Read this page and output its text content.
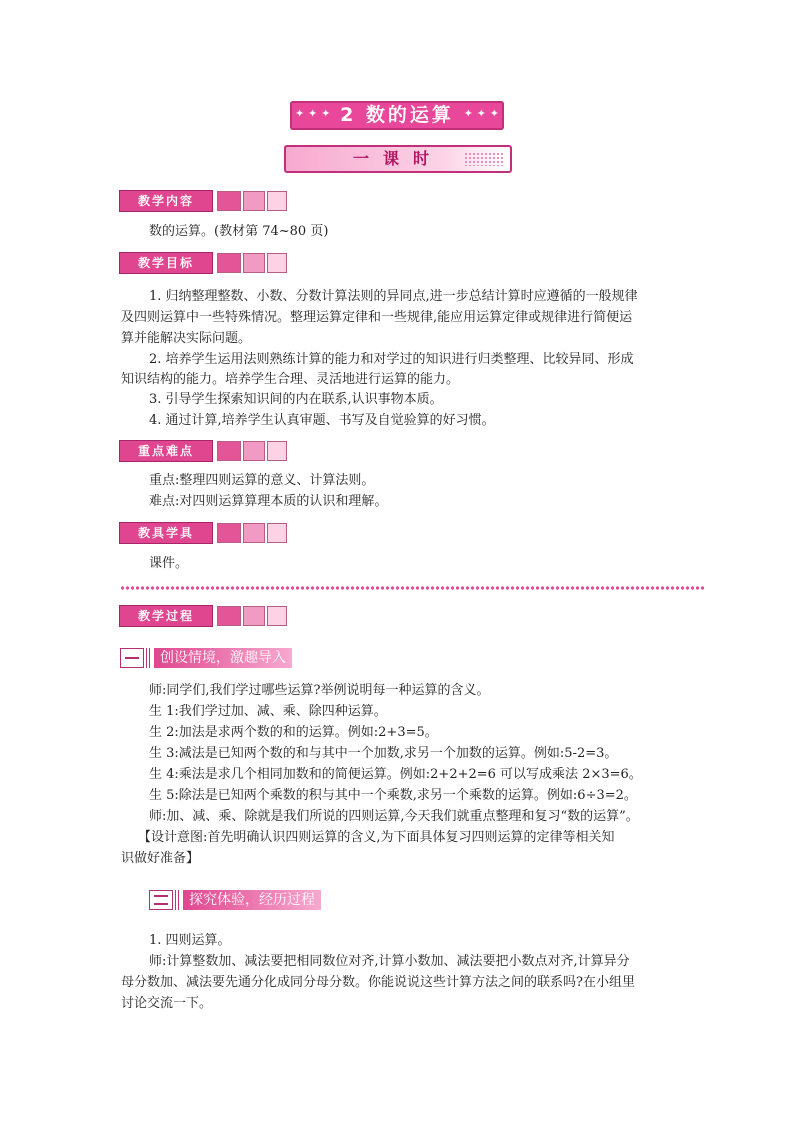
✦ ✦ ✦ 2 数的运算 ✦ ✦ ✦
一课时
教学内容
数的运算。(教材第 74~80 页)
教学目标
1. 归纳整理整数、小数、分数计算法则的异同点,进一步总结计算时应遵循的一般规律
及四则运算中一些特殊情况。整理运算定律和一些规律,能应用运算定律或规律进行简便运
算并能解决实际问题。
2. 培养学生运用法则熟练计算的能力和对学过的知识进行归类整理、比较异同、形成
知识结构的能力。培养学生合理、灵活地进行运算的能力。
3. 引导学生探索知识间的内在联系,认识事物本质。
4. 通过计算,培养学生认真审题、书写及自觉验算的好习惯。
重点难点
重点:整理四则运算的意义、计算法则。
难点:对四则运算算理本质的认识和理解。
教具学具
课件。
教学过程
创设情境，激趣导入
师:同学们,我们学过哪些运算?举例说明每一种运算的含义。
生 1:我们学过加、减、乘、除四种运算。
生 2:加法是求两个数的和的运算。例如:2+3=5。
生 3:减法是已知两个数的和与其中一个加数,求另一个加数的运算。例如:5-2=3。
生 4:乘法是求几个相同加数和的简便运算。例如:2+2+2=6 可以写成乘法 2×3=6。
生 5:除法是已知两个乘数的积与其中一个乘数,求另一个乘数的运算。例如:6÷3=2。
师:加、减、乘、除就是我们所说的四则运算,今天我们就重点整理和复习“数的运算”。
【设计意图:首先明确认识四则运算的含义,为下面具体复习四则运算的定律等相关知
识做好准备】
探究体验，经历过程
1. 四则运算。
师:计算整数加、减法要把相同数位对齐,计算小数加、减法要把小数点对齐,计算异分
母分数加、减法要先通分化成同分母分数。你能说说这些计算方法之间的联系吗?在小组里
讨论交流一下。
